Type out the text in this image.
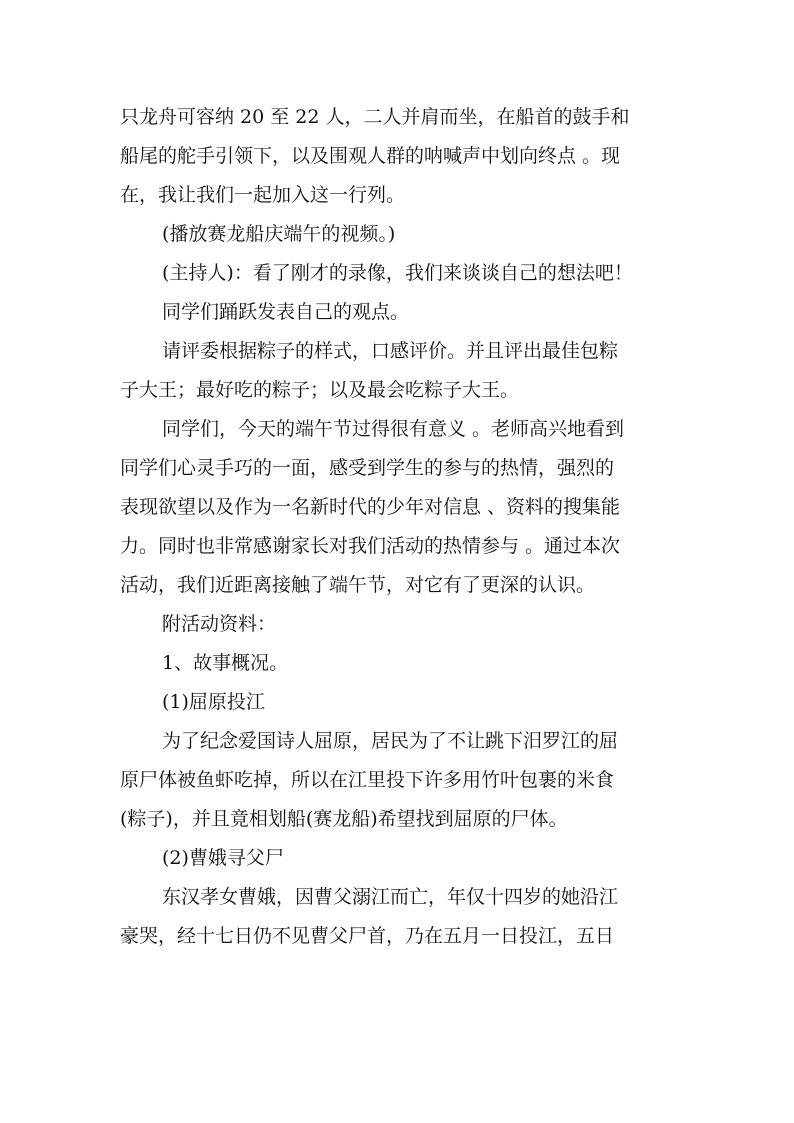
只龙舟可容纳 20 至 22 人，二人并肩而坐，在船首的鼓手和
船尾的舵手引领下，以及围观人群的呐喊声中划向终点 。现
在，我让我们一起加入这一行列。
(播放赛龙船庆端午的视频。)
(主持人)：看了刚才的录像，我们来谈谈自己的想法吧！
同学们踊跃发表自己的观点。
请评委根据粽子的样式，口感评价。并且评出最佳包粽
子大王；最好吃的粽子；以及最会吃粽子大王。
同学们，今天的端午节过得很有意义 。老师高兴地看到
同学们心灵手巧的一面，感受到学生的参与的热情，强烈的
表现欲望以及作为一名新时代的少年对信息 、资料的搜集能
力。同时也非常感谢家长对我们活动的热情参与 。通过本次
活动，我们近距离接触了端午节，对它有了更深的认识。
附活动资料：
1、故事概况。
(1)屈原投江
为了纪念爱国诗人屈原，居民为了不让跳下汨罗江的屈
原尸体被鱼虾吃掉，所以在江里投下许多用竹叶包裹的米食
(粽子)，并且竟相划船(赛龙船)希望找到屈原的尸体。
(2)曹娥寻父尸
东汉孝女曹娥，因曹父溺江而亡，年仅十四岁的她沿江
豪哭，经十七日仍不见曹父尸首，乃在五月一日投江，五日
